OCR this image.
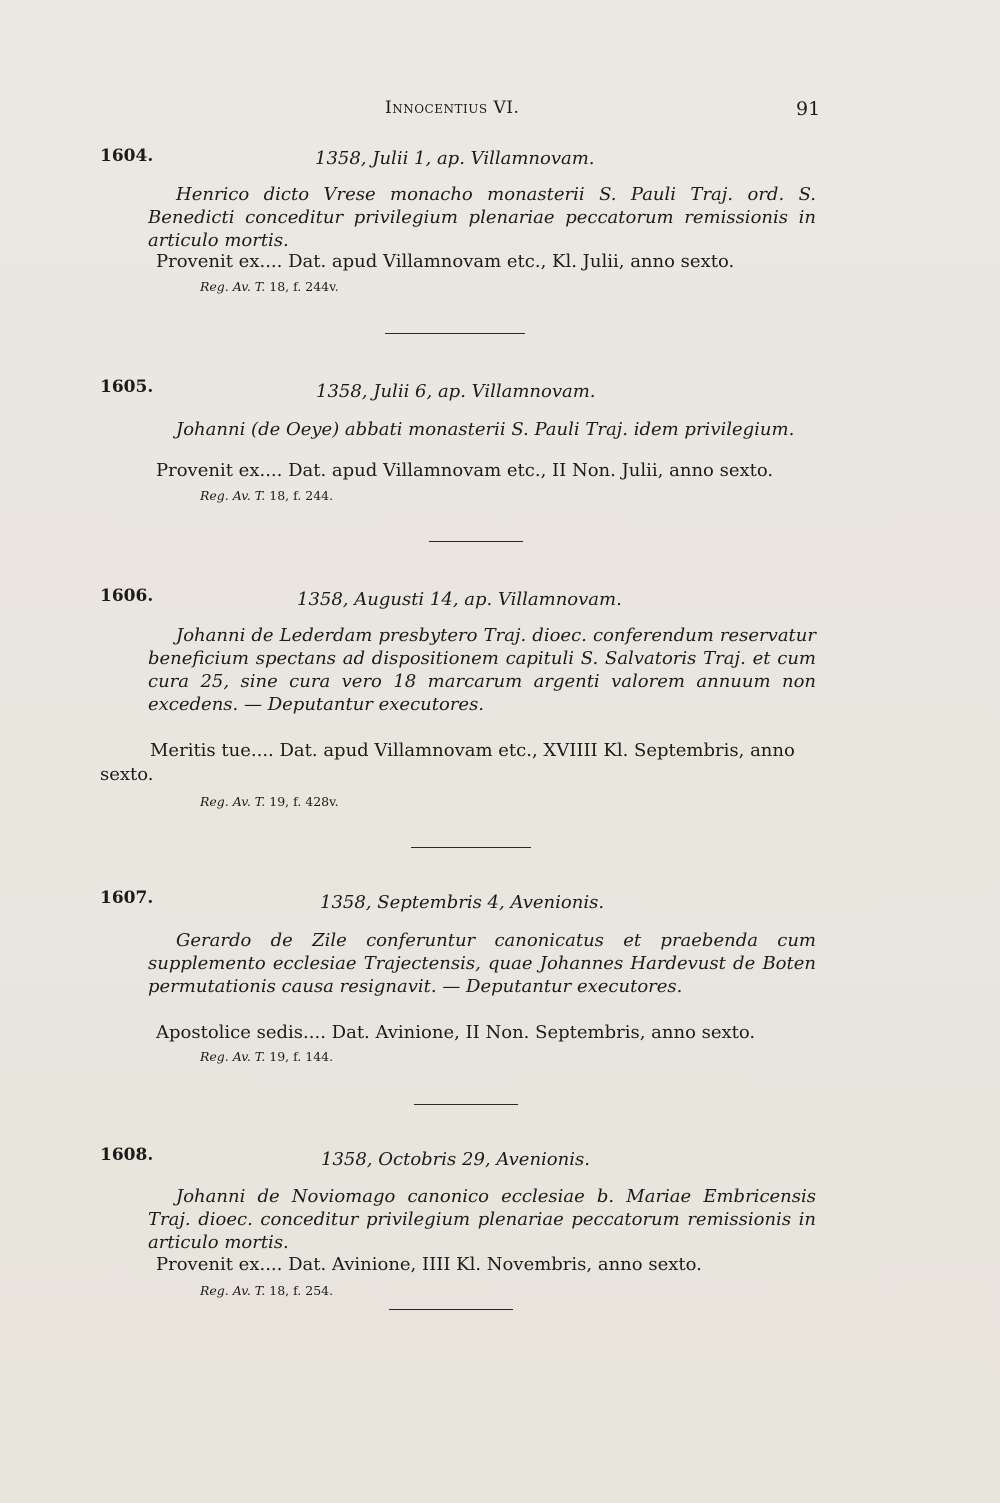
Innocentius VI.	91
1604.	1358, Julii 1, ap. Villamnovam.
Henrico dicto Vrese monacho monasterii S. Pauli Traj. ord. S. Benedicti conceditur privilegium plenariae peccatorum remissionis in articulo mortis.
Provenit ex.... Dat. apud Villamnovam etc., Kl. Julii, anno sexto.
Reg. Av. T. 18, f. 244v.
1605.	1358, Julii 6, ap. Villamnovam.
Johanni (de Oeye) abbati monasterii S. Pauli Traj. idem privilegium.
Provenit ex.... Dat. apud Villamnovam etc., II Non. Julii, anno sexto.
Reg. Av. T. 18, f. 244.
1606.	1358, Augusti 14, ap. Villamnovam.
Johanni de Lederdam presbytero Traj. dioec. conferendum reservatur beneficium spectans ad dispositionem capituli S. Salvatoris Traj. et cum cura 25, sine cura vero 18 marcarum argenti valorem annuum non excedens. — Deputantur executores.
Meritis tue.... Dat. apud Villamnovam etc., XVIIII Kl. Septembris, anno sexto.
Reg. Av. T. 19, f. 428v.
1607.	1358, Septembris 4, Avenionis.
Gerardo de Zile conferuntur canonicatus et praebenda cum supplemento ecclesiae Trajectensis, quae Johannes Hardevust de Boten permutationis causa resignavit. — Deputantur executores.
Apostolice sedis.... Dat. Avinione, II Non. Septembris, anno sexto.
Reg. Av. T. 19, f. 144.
1608.	1358, Octobris 29, Avenionis.
Johanni de Noviomago canonico ecclesiae b. Mariae Embricensis Traj. dioec. conceditur privilegium plenariae peccatorum remissionis in articulo mortis.
Provenit ex.... Dat. Avinione, IIII Kl. Novembris, anno sexto.
Reg. Av. T. 18, f. 254.
